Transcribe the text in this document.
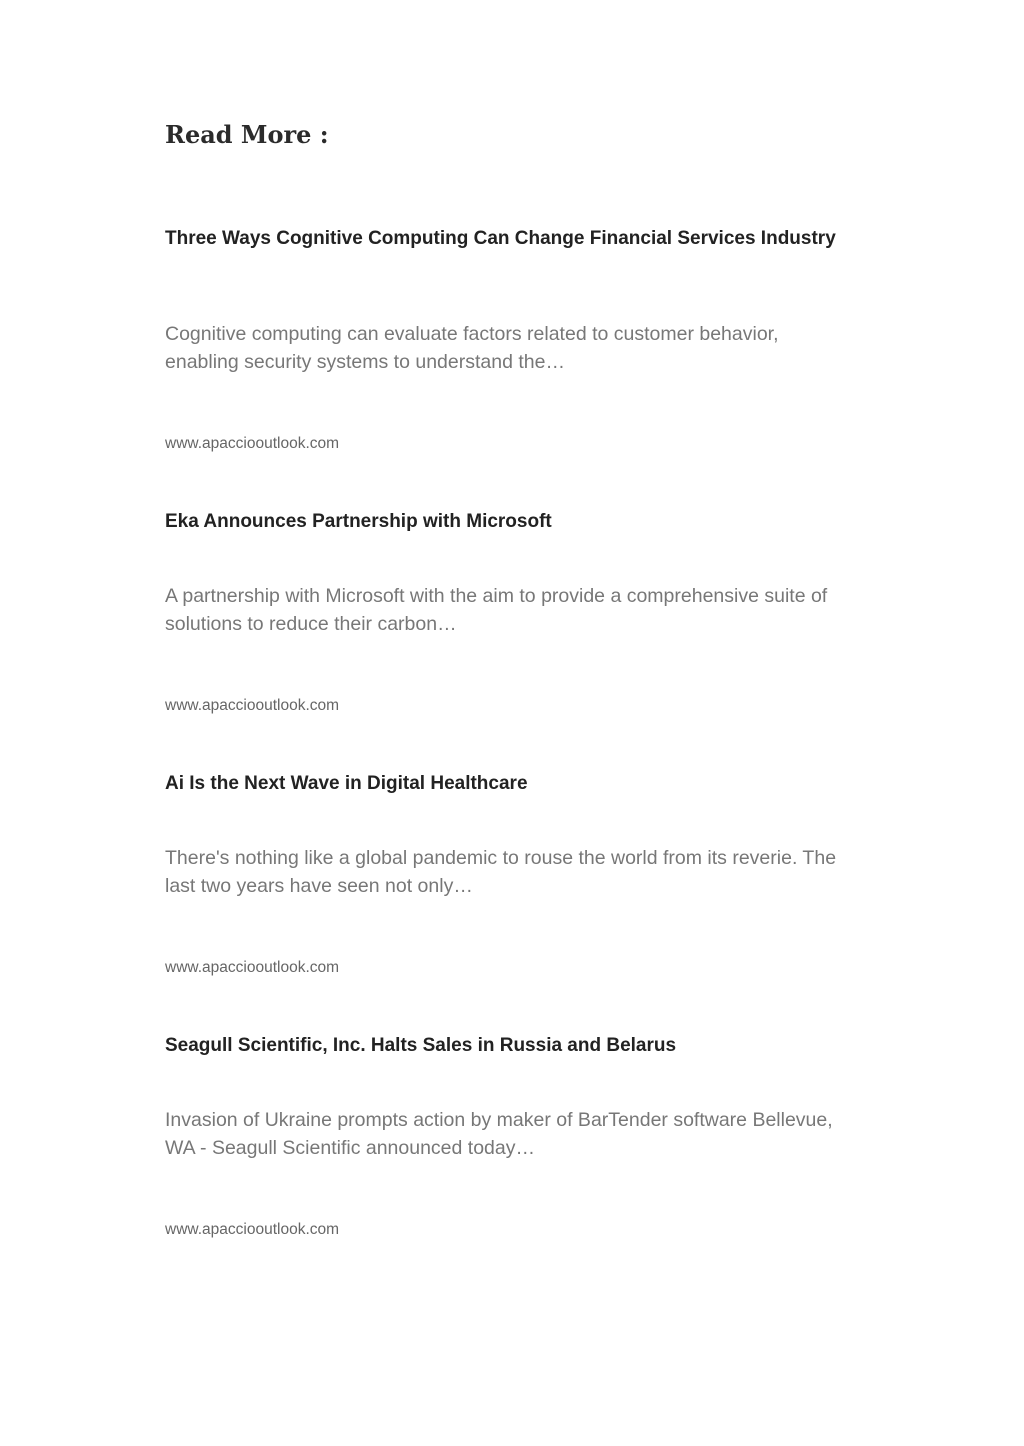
Read More :
Three Ways Cognitive Computing Can Change Financial Services Industry

Cognitive computing can evaluate factors related to customer behavior, enabling security systems to understand the…

www.apacciooutlook.com
Eka Announces Partnership with Microsoft

A partnership with Microsoft with the aim to provide a comprehensive suite of solutions to reduce their carbon…

www.apacciooutlook.com
Ai Is the Next Wave in Digital Healthcare

There's nothing like a global pandemic to rouse the world from its reverie. The last two years have seen not only…

www.apacciooutlook.com
Seagull Scientific, Inc. Halts Sales in Russia and Belarus

Invasion of Ukraine prompts action by maker of BarTender software Bellevue, WA - Seagull Scientific announced today…

www.apacciooutlook.com
